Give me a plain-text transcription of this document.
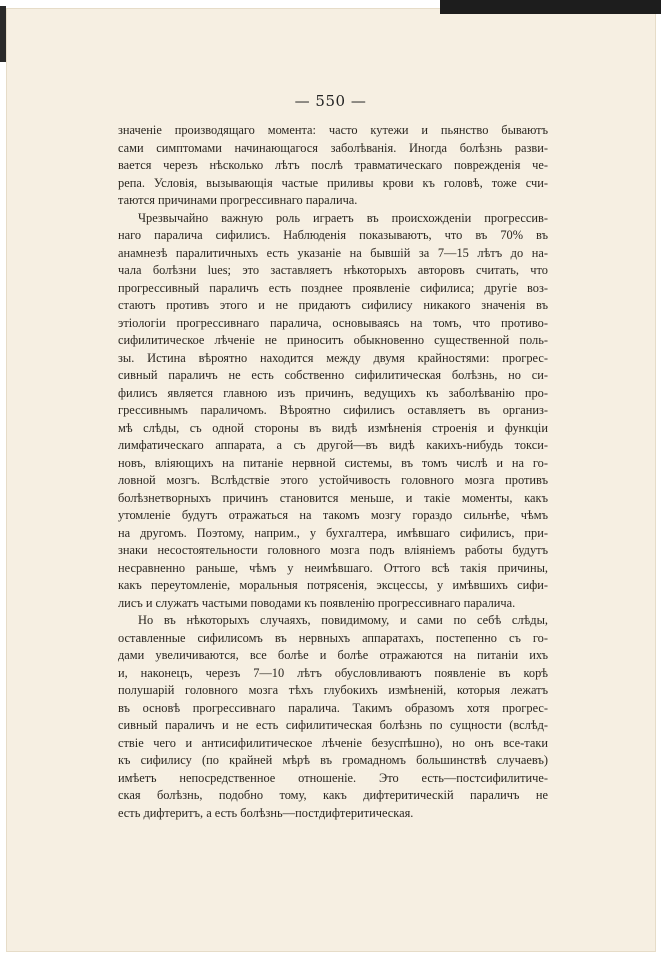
— 550 —
значеніе производящаго момента: часто кутежи и пьянство бываютъ
сами симптомами начинающагося заболѣванія. Иногда болѣзнь разви-
вается черезъ нѣсколько лѣтъ послѣ травматическаго поврежденія че-
репа. Условія, вызывающія частые приливы крови къ головѣ, тоже счи-
таются причинами прогрессивнаго паралича.
Чрезвычайно важную роль играетъ въ происхожденіи прогрессив-
наго паралича сифилисъ. Наблюденія показываютъ, что въ 70% въ
анамнезѣ паралитичныхъ есть указаніе на бывшій за 7—15 лѣтъ до на-
чала болѣзни lues; это заставляетъ нѣкоторыхъ авторовъ считать, что
прогрессивный параличъ есть позднее проявленіе сифилиса; другіе воз-
стаютъ противъ этого и не придаютъ сифилису никакого значенія въ
этіологіи прогрессивнаго паралича, основываясь на томъ, что противо-
сифилитическое лѣченіе не приноситъ обыкновенно существенной поль-
зы. Истина вѣроятно находится между двумя крайностями: прогрес-
сивный параличъ не есть собственно сифилитическая болѣзнь, но си-
филисъ является главною изъ причинъ, ведущихъ къ заболѣванію про-
грессивнымъ параличомъ. Вѣроятно сифилисъ оставляетъ въ организ-
мѣ слѣды, съ одной стороны въ видѣ измѣненія строенія и функціи
лимфатическаго аппарата, а съ другой—въ видѣ какихъ-нибудь токси-
новъ, вліяющихъ на питаніе нервной системы, въ томъ числѣ и на го-
ловной мозгъ. Вслѣдствіе этого устойчивость головного мозга противъ
болѣзнетворныхъ причинъ становится меньше, и такіе моменты, какъ
утомленіе будутъ отражаться на такомъ мозгу гораздо сильнѣе, чѣмъ
на другомъ. Поэтому, наприм., у бухгалтера, имѣвшаго сифилисъ, при-
знаки несостоятельности головного мозга подъ вліяніемъ работы будутъ
несравненно раньше, чѣмъ у неимѣвшаго. Оттого всѣ такія причины,
какъ переутомленіе, моральныя потрясенія, эксцессы, у имѣвшихъ сифи-
лисъ и служатъ частыми поводами къ появленію прогрессивнаго паралича.
Но въ нѣкоторыхъ случаяхъ, повидимому, и сами по себѣ слѣды,
оставленные сифилисомъ въ нервныхъ аппаратахъ, постепенно съ го-
дами увеличиваются, все болѣе и болѣе отражаются на питаніи ихъ
и, наконецъ, черезъ 7—10 лѣтъ обусловливаютъ появленіе въ корѣ
полушарій головного мозга тѣхъ глубокихъ измѣненій, которыя лежатъ
въ основѣ прогрессивнаго паралича. Такимъ образомъ хотя прогрес-
сивный параличъ и не есть сифилитическая болѣзнь по сущности (вслѣд-
ствіе чего и антисифилитическое лѣченіе безуспѣшно), но онъ все-таки
къ сифилису (по крайней мѣрѣ въ громадномъ большинствѣ случаевъ)
имѣетъ непосредственное отношеніе. Это есть—постсифилитиче-
ская болѣзнь, подобно тому, какъ дифтеритическій параличъ не
есть дифтеритъ, а есть болѣзнь—постдифтеритическая.
